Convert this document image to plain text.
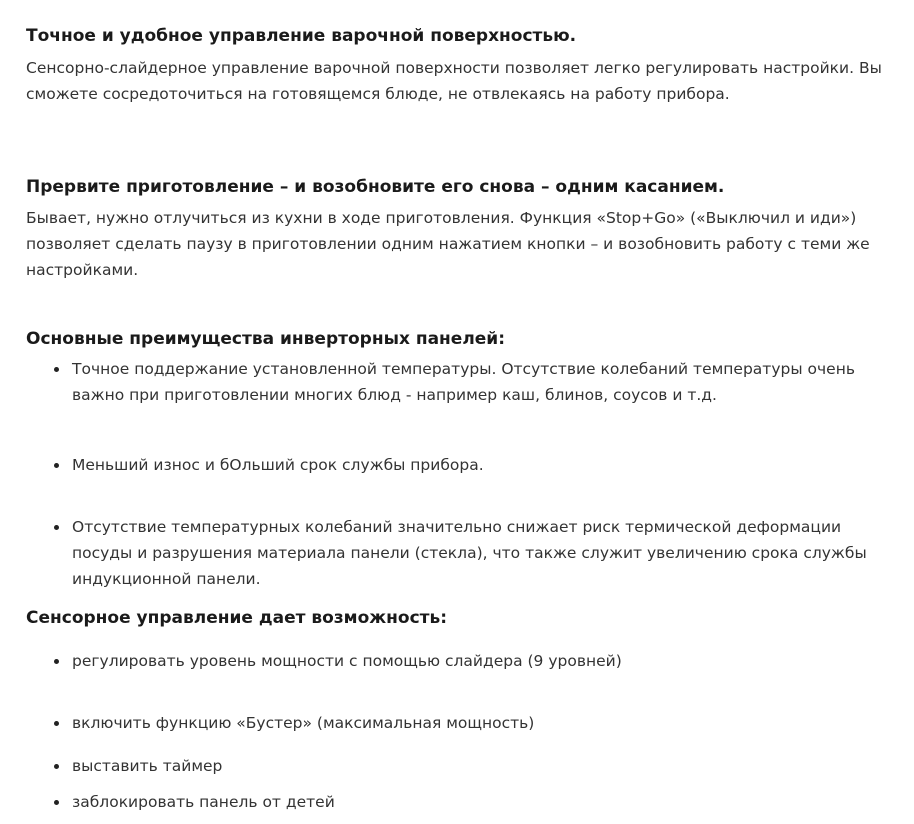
Точное и удобное управление варочной поверхностью.

Сенсорно-слайдерное управление варочной поверхности позволяет легко регулировать настройки. Вы сможете сосредоточиться на готовящемся блюде, не отвлекаясь на работу прибора.

Прервите приготовление – и возобновите его снова – одним касанием.

Бывает, нужно отлучиться из кухни в ходе приготовления. Функция «Stop+Go» («Выключил и иди») позволяет сделать паузу в приготовлении одним нажатием кнопки – и возобновить работу с теми же настройками.

Основные преимущества инверторных панелей:
Точное поддержание установленной температуры. Отсутствие колебаний температуры очень важно при приготовлении многих блюд - например каш, блинов, соусов и т.д.
Меньший износ и бОльший срок службы прибора.
Отсутствие температурных колебаний значительно снижает риск термической деформации посуды и разрушения материала панели (стекла), что также служит увеличению срока службы индукционной панели.
Сенсорное управление дает возможность:
регулировать уровень мощности с помощью слайдера (9 уровней)
включить функцию «Бустер» (максимальная мощность)
выставить таймер
заблокировать панель от детей
